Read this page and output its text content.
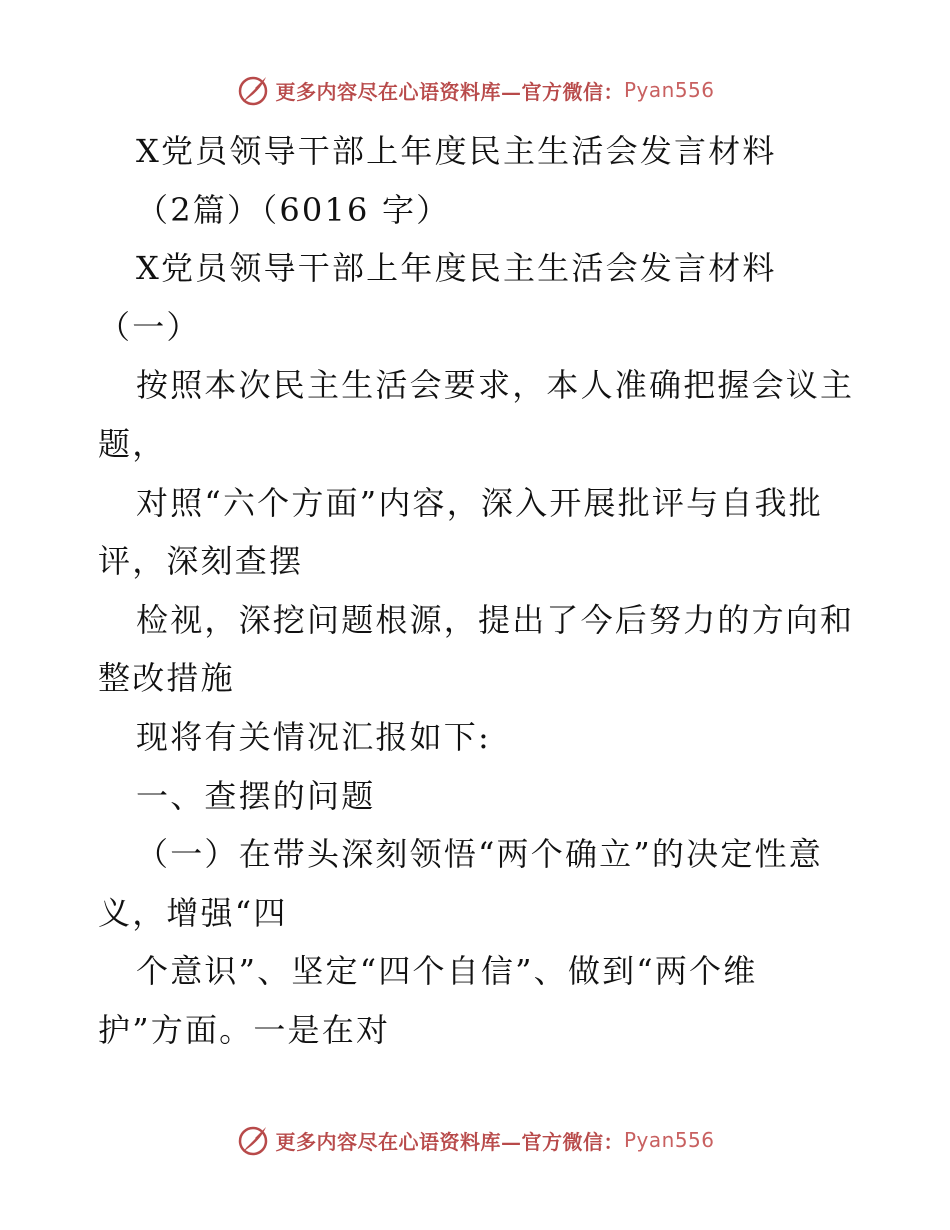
更多内容尽在心语资料库—官方微信： Pyan556

X党员领导干部上年度民主生活会发言材料

（2篇）（6016 字）

X党员领导干部上年度民主生活会发言材料

（一）

按照本次民主生活会要求，本人准确把握会议主

题，

对照“六个方面”内容，深入开展批评与自我批

评，深刻查摆

检视，深挖问题根源，提出了今后努力的方向和

整改措施

现将有关情况汇报如下:

一、查摆的问题

（一）在带头深刻领悟“两个确立”的决定性意

义，增强“四

个意识”、坚定“四个自信”、做到“两个维

护”方面。一是在对

更多内容尽在心语资料库—官方微信： Pyan556
